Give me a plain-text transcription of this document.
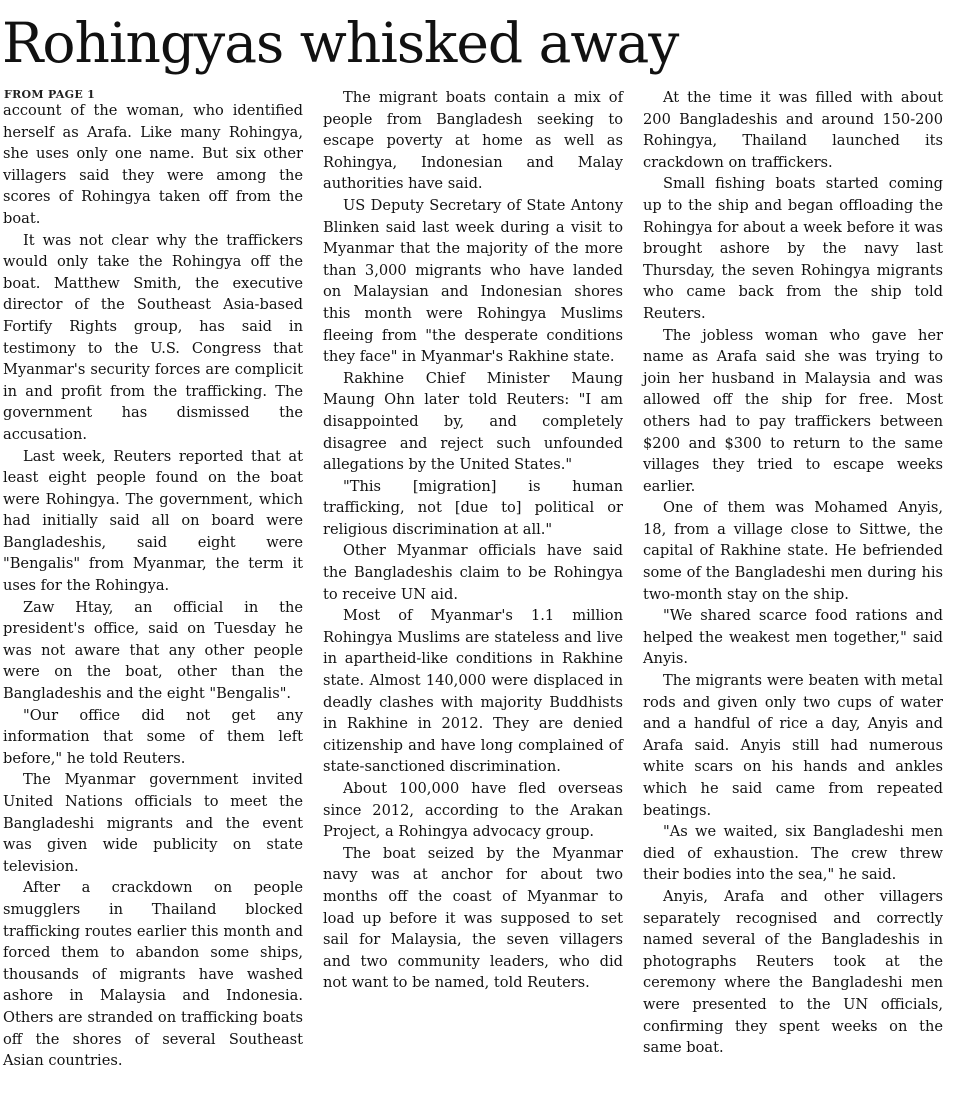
Rohingyas whisked away
FROM PAGE 1

account of the woman, who identified herself as Arafa. Like many Rohingya, she uses only one name. But six other villagers said they were among the scores of Rohingya taken off from the boat.

It was not clear why the traffickers would only take the Rohingya off the boat. Matthew Smith, the executive director of the Southeast Asia-based Fortify Rights group, has said in testimony to the U.S. Congress that Myanmar's security forces are complicit in and profit from the trafficking. The government has dismissed the accusation.

Last week, Reuters reported that at least eight people found on the boat were Rohingya. The government, which had initially said all on board were Bangladeshis, said eight were "Bengalis" from Myanmar, the term it uses for the Rohingya.

Zaw Htay, an official in the president's office, said on Tuesday he was not aware that any other people were on the boat, other than the Bangladeshis and the eight "Bengalis".

"Our office did not get any information that some of them left before," he told Reuters.

The Myanmar government invited United Nations officials to meet the Bangladeshi migrants and the event was given wide publicity on state television.

After a crackdown on people smugglers in Thailand blocked trafficking routes earlier this month and forced them to abandon some ships, thousands of migrants have washed ashore in Malaysia and Indonesia. Others are stranded on trafficking boats off the shores of several Southeast Asian countries.

The migrant boats contain a mix of people from Bangladesh seeking to escape poverty at home as well as Rohingya, Indonesian and Malay authorities have said.

US Deputy Secretary of State Antony Blinken said last week during a visit to Myanmar that the majority of the more than 3,000 migrants who have landed on Malaysian and Indonesian shores this month were Rohingya Muslims fleeing from "the desperate conditions they face" in Myanmar's Rakhine state.

Rakhine Chief Minister Maung Maung Ohn later told Reuters: "I am disappointed by, and completely disagree and reject such unfounded allegations by the United States."

"This [migration] is human trafficking, not [due to] political or religious discrimination at all."

Other Myanmar officials have said the Bangladeshis claim to be Rohingya to receive UN aid.

Most of Myanmar's 1.1 million Rohingya Muslims are stateless and live in apartheid-like conditions in Rakhine state. Almost 140,000 were displaced in deadly clashes with majority Buddhists in Rakhine in 2012. They are denied citizenship and have long complained of state-sanctioned discrimination.

About 100,000 have fled overseas since 2012, according to the Arakan Project, a Rohingya advocacy group.

The boat seized by the Myanmar navy was at anchor for about two months off the coast of Myanmar to load up before it was supposed to set sail for Malaysia, the seven villagers and two community leaders, who did not want to be named, told Reuters.

At the time it was filled with about 200 Bangladeshis and around 150-200 Rohingya, Thailand launched its crackdown on traffickers.

Small fishing boats started coming up to the ship and began offloading the Rohingya for about a week before it was brought ashore by the navy last Thursday, the seven Rohingya migrants who came back from the ship told Reuters.

The jobless woman who gave her name as Arafa said she was trying to join her husband in Malaysia and was allowed off the ship for free. Most others had to pay traffickers between $200 and $300 to return to the same villages they tried to escape weeks earlier.

One of them was Mohamed Anyis, 18, from a village close to Sittwe, the capital of Rakhine state. He befriended some of the Bangladeshi men during his two-month stay on the ship.

"We shared scarce food rations and helped the weakest men together," said Anyis.

The migrants were beaten with metal rods and given only two cups of water and a handful of rice a day, Anyis and Arafa said. Anyis still had numerous white scars on his hands and ankles which he said came from repeated beatings.

"As we waited, six Bangladeshi men died of exhaustion. The crew threw their bodies into the sea," he said.

Anyis, Arafa and other villagers separately recognised and correctly named several of the Bangladeshis in photographs Reuters took at the ceremony where the Bangladeshi men were presented to the UN officials, confirming they spent weeks on the same boat.
